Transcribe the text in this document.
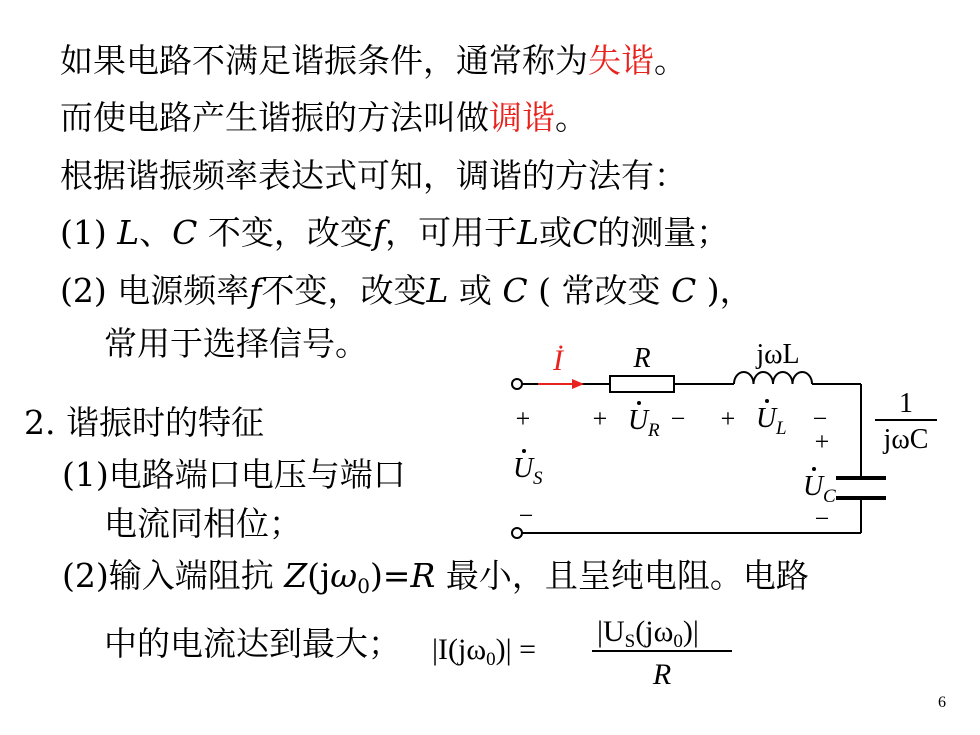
如果电路不满足谐振条件，通常称为失谐。
而使电路产生谐振的方法叫做调谐。
根据谐振频率表达式可知，调谐的方法有：
(1) L、C 不变，改变f，可用于L或C的测量；
(2) 电源频率f不变，改变L 或 C ( 常改变 C )，
常用于选择信号。
2. 谐振时的特征
(1)电路端口电压与端口
电流同相位；
(2)输入端阻抗 $Z(j\omega_0)=R$ 最小，且呈纯电阻。电路
中的电流达到最大；
İ	R	jωL
+ + − +	−
+
−
−
U R	U L
U S	U C
1
jωC
$|I(j\omega_0)|$ =
$|U_S(j\omega_0)|$
R
6
